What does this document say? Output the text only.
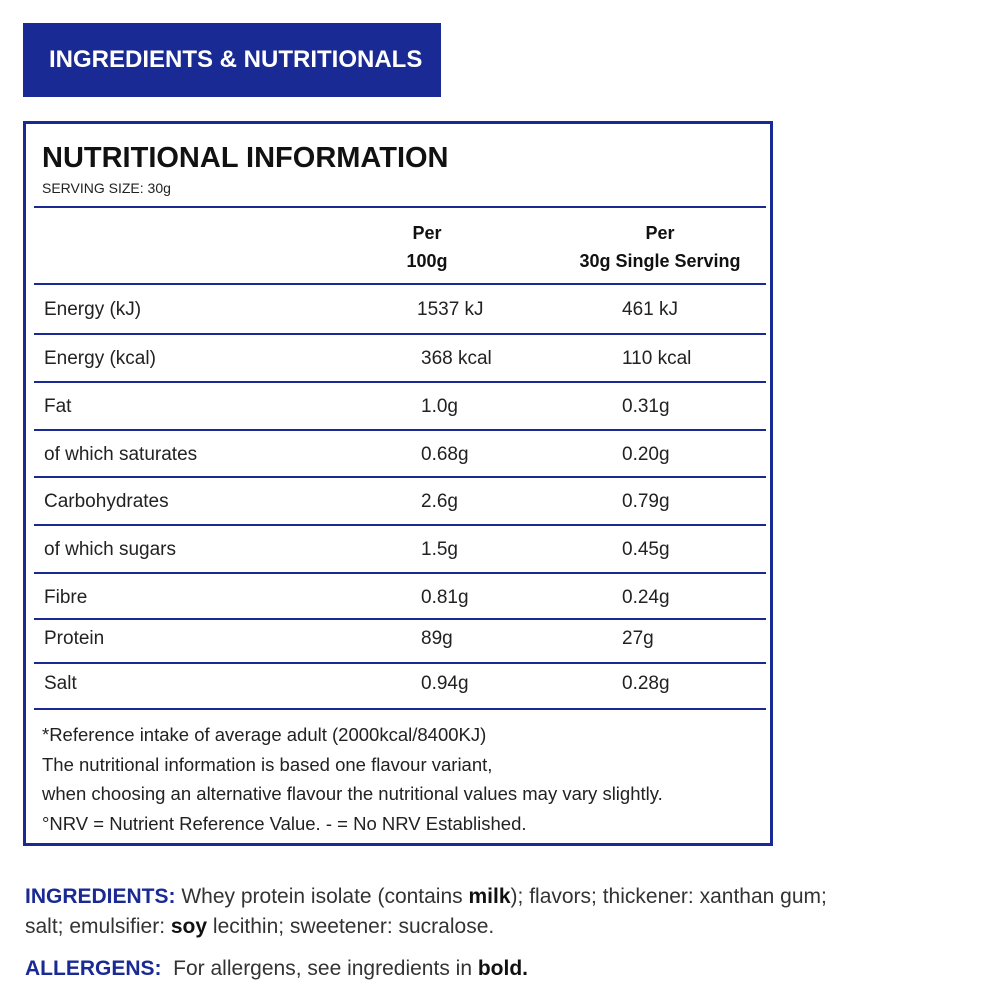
INGREDIENTS & NUTRITIONALS
NUTRITIONAL INFORMATION
SERVING SIZE: 30g
Per
100g
Per
30g Single Serving
Energy (kJ)	1537 kJ	461 kJ
Energy (kcal)	368 kcal	110 kcal
Fat	1.0g	0.31g
of which saturates	0.68g	0.20g
Carbohydrates	2.6g	0.79g
of which sugars	1.5g	0.45g
Fibre	0.81g	0.24g
Protein	89g	27g
Salt	0.94g	0.28g
*Reference intake of average adult (2000kcal/8400KJ)
The nutritional information is based one flavour variant,
when choosing an alternative flavour the nutritional values may vary slightly.
°NRV = Nutrient Reference Value. - = No NRV Established.
INGREDIENTS: Whey protein isolate (contains milk); flavors; thickener: xanthan gum;
salt; emulsifier: soy lecithin; sweetener: sucralose.
ALLERGENS:  For allergens, see ingredients in bold.
